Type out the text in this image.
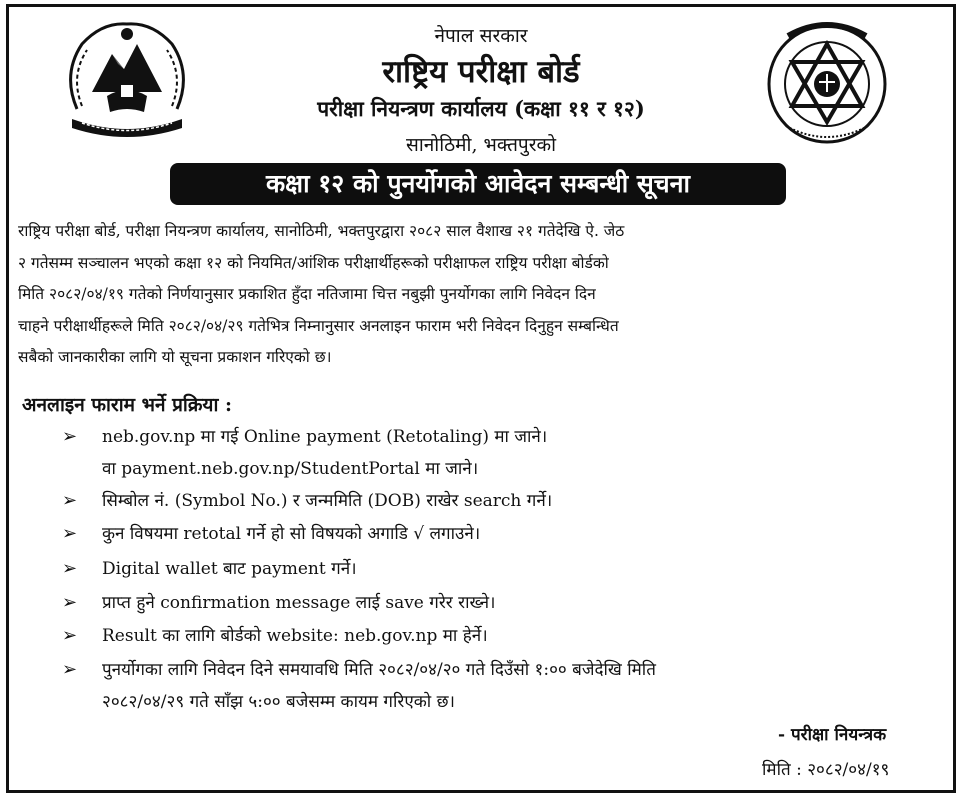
नेपाल सरकार
राष्ट्रिय परीक्षा बोर्ड
परीक्षा नियन्त्रण कार्यालय (कक्षा ११ र १२)
सानोठिमी, भक्तपुरको
कक्षा १२ को पुनर्योगको आवेदन सम्बन्धी सूचना
राष्ट्रिय परीक्षा बोर्ड, परीक्षा नियन्त्रण कार्यालय, सानोठिमी, भक्तपुरद्वारा २०८२ साल वैशाख २१ गतेदेखि ऐ. जेठ
२ गतेसम्म सञ्चालन भएको कक्षा १२ को नियमित/आंशिक परीक्षार्थीहरूको परीक्षाफल राष्ट्रिय परीक्षा बोर्डको
मिति २०८२/०४/१९ गतेको निर्णयानुसार प्रकाशित हुँदा नतिजामा चित्त नबुझी पुनर्योगका लागि निवेदन दिन
चाहने परीक्षार्थीहरूले मिति २०८२/०४/२९ गतेभित्र निम्नानुसार अनलाइन फाराम भरी निवेदन दिनुहुन सम्बन्धित
सबैको जानकारीका लागि यो सूचना प्रकाशन गरिएको छ।
अनलाइन फाराम भर्ने प्रक्रिया :
➢	neb.gov.np मा गई Online payment (Retotaling) मा जाने।
वा payment.neb.gov.np/StudentPortal मा जाने।
➢	सिम्बोल नं. (Symbol No.) र जन्ममिति (DOB) राखेर search गर्ने।
➢	कुन विषयमा retotal गर्ने हो सो विषयको अगाडि √ लगाउने।
➢	Digital wallet बाट payment गर्ने।
➢	प्राप्त हुने confirmation message लाई save गरेर राख्ने।
➢	Result का लागि बोर्डको website: neb.gov.np मा हेर्ने।
➢	पुनर्योगका लागि निवेदन दिने समयावधि मिति २०८२/०४/२० गते दिउँसो १:०० बजेदेखि मिति
२०८२/०४/२९ गते साँझ ५:०० बजेसम्म कायम गरिएको छ।
- परीक्षा नियन्त्रक
मिति : २०८२/०४/१९
